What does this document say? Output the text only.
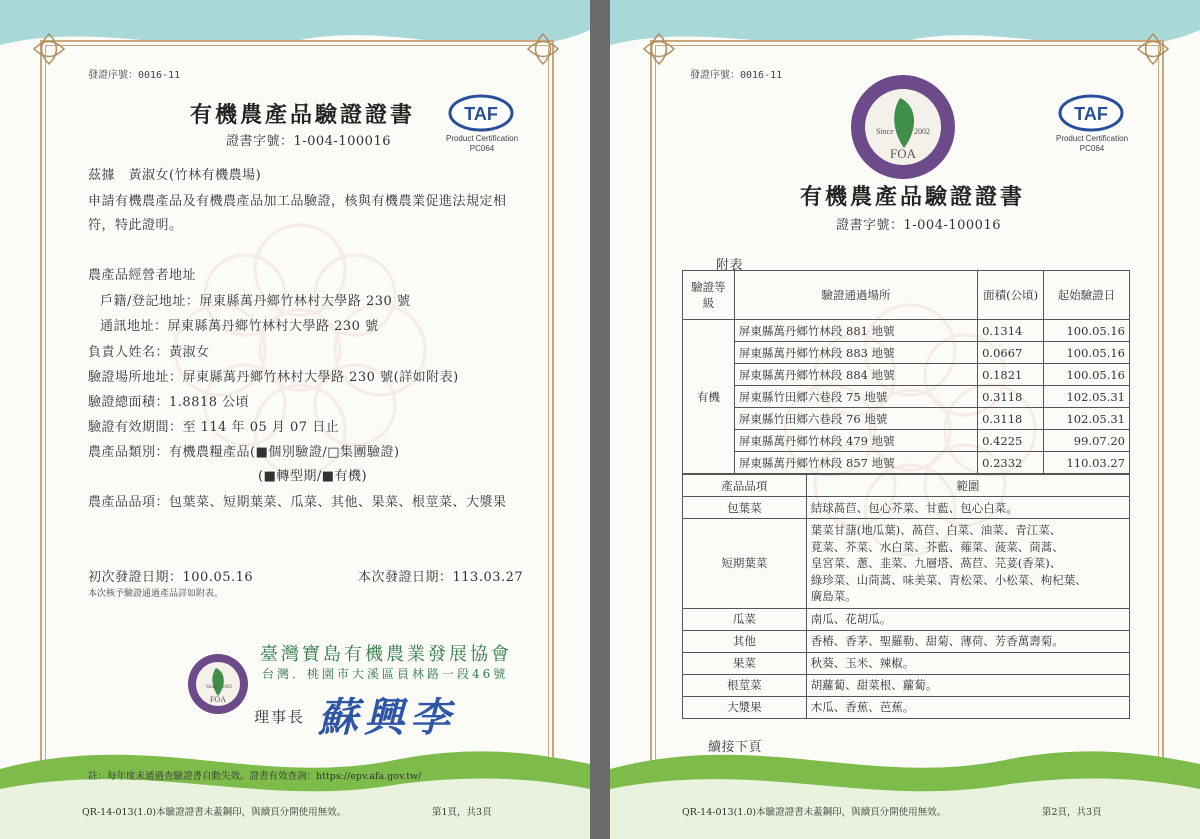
發證序號：0016-11
有機農產品驗證證書
證書字號：1-004-100016
TAF
Product Certification
PC064
茲據　黃淑女(竹林有機農場)
申請有機農產品及有機農產品加工品驗證，核與有機農業促進法規定相
符，特此證明。
農產品經營者地址
戶籍/登記地址：屏東縣萬丹鄉竹林村大學路 230 號
通訊地址：屏東縣萬丹鄉竹林村大學路 230 號
負責人姓名：黃淑女
驗證場所地址：屏東縣萬丹鄉竹林村大學路 230 號(詳如附表)
驗證總面積：1.8818 公頃
驗證有效期間：至 114 年 05 月 07 日止
農產品類別：有機農糧產品(■個別驗證/□集團驗證)
(■轉型期/■有機)
農產品品項：包葉菜、短期葉菜、瓜菜、其他、果菜、根莖菜、大漿果
初次發證日期：100.05.16	本次發證日期：113.03.27
本次核予驗證通過產品詳如附表。
臺灣寶島有機農業發展協會
台灣．桃園市大溪區員林路一段46號
Since 2002
FOA
理事長 蘇興李
註：每年度未通過查驗證書自動失效。證書有效查詢：https://epv.afa.gov.tw/
QR-14-013(1.0)本驗證證書未蓋鋼印，與續頁分開使用無效。	第1頁，共3頁
發證序號：0016-11
Since	2002
FOA
TAF
Product Certification
PC064
有機農產品驗證證書
證書字號：1-004-100016
附表
驗證等級	驗證通過場所	面積(公頃)	起始驗證日
有機	屏東縣萬丹鄉竹林段 881 地號	0.1314	100.05.16
	屏東縣萬丹鄉竹林段 883 地號	0.0667	100.05.16
	屏東縣萬丹鄉竹林段 884 地號	0.1821	100.05.16
	屏東縣竹田鄉六巷段 75 地號	0.3118	102.05.31
	屏東縣竹田鄉六巷段 76 地號	0.3118	102.05.31
	屏東縣萬丹鄉竹林段 479 地號	0.4225	99.07.20
	屏東縣萬丹鄉竹林段 857 地號	0.2332	110.03.27
產品品項	範圍
包葉菜	結球萵苣、包心芥菜、甘藍、包心白菜。
短期葉菜	葉菜甘藷(地瓜葉)、萵苣、白菜、油菜、青江菜、
莧菜、芥菜、水白菜、芥藍、蕹菜、菠菜、茼蒿、
皇宮菜、蔥、韭菜、九層塔、萵苣、芫荽(香菜)、
綠珍菜、山茼蒿、味美菜、青松菜、小松菜、枸杞葉、
廣島菜。

瓜菜	南瓜、花胡瓜。
其他	香椿、香茅、聖羅勒、甜菊、薄荷、芳香萬壽菊。
果菜	秋葵、玉米、辣椒。
根莖菜	胡蘿蔔、甜菜根、蘿蔔。
大漿果	木瓜、香蕉、芭蕉。
續接下頁
QR-14-013(1.0)本驗證證書未蓋鋼印，與續頁分開使用無效。	第2頁，共3頁
